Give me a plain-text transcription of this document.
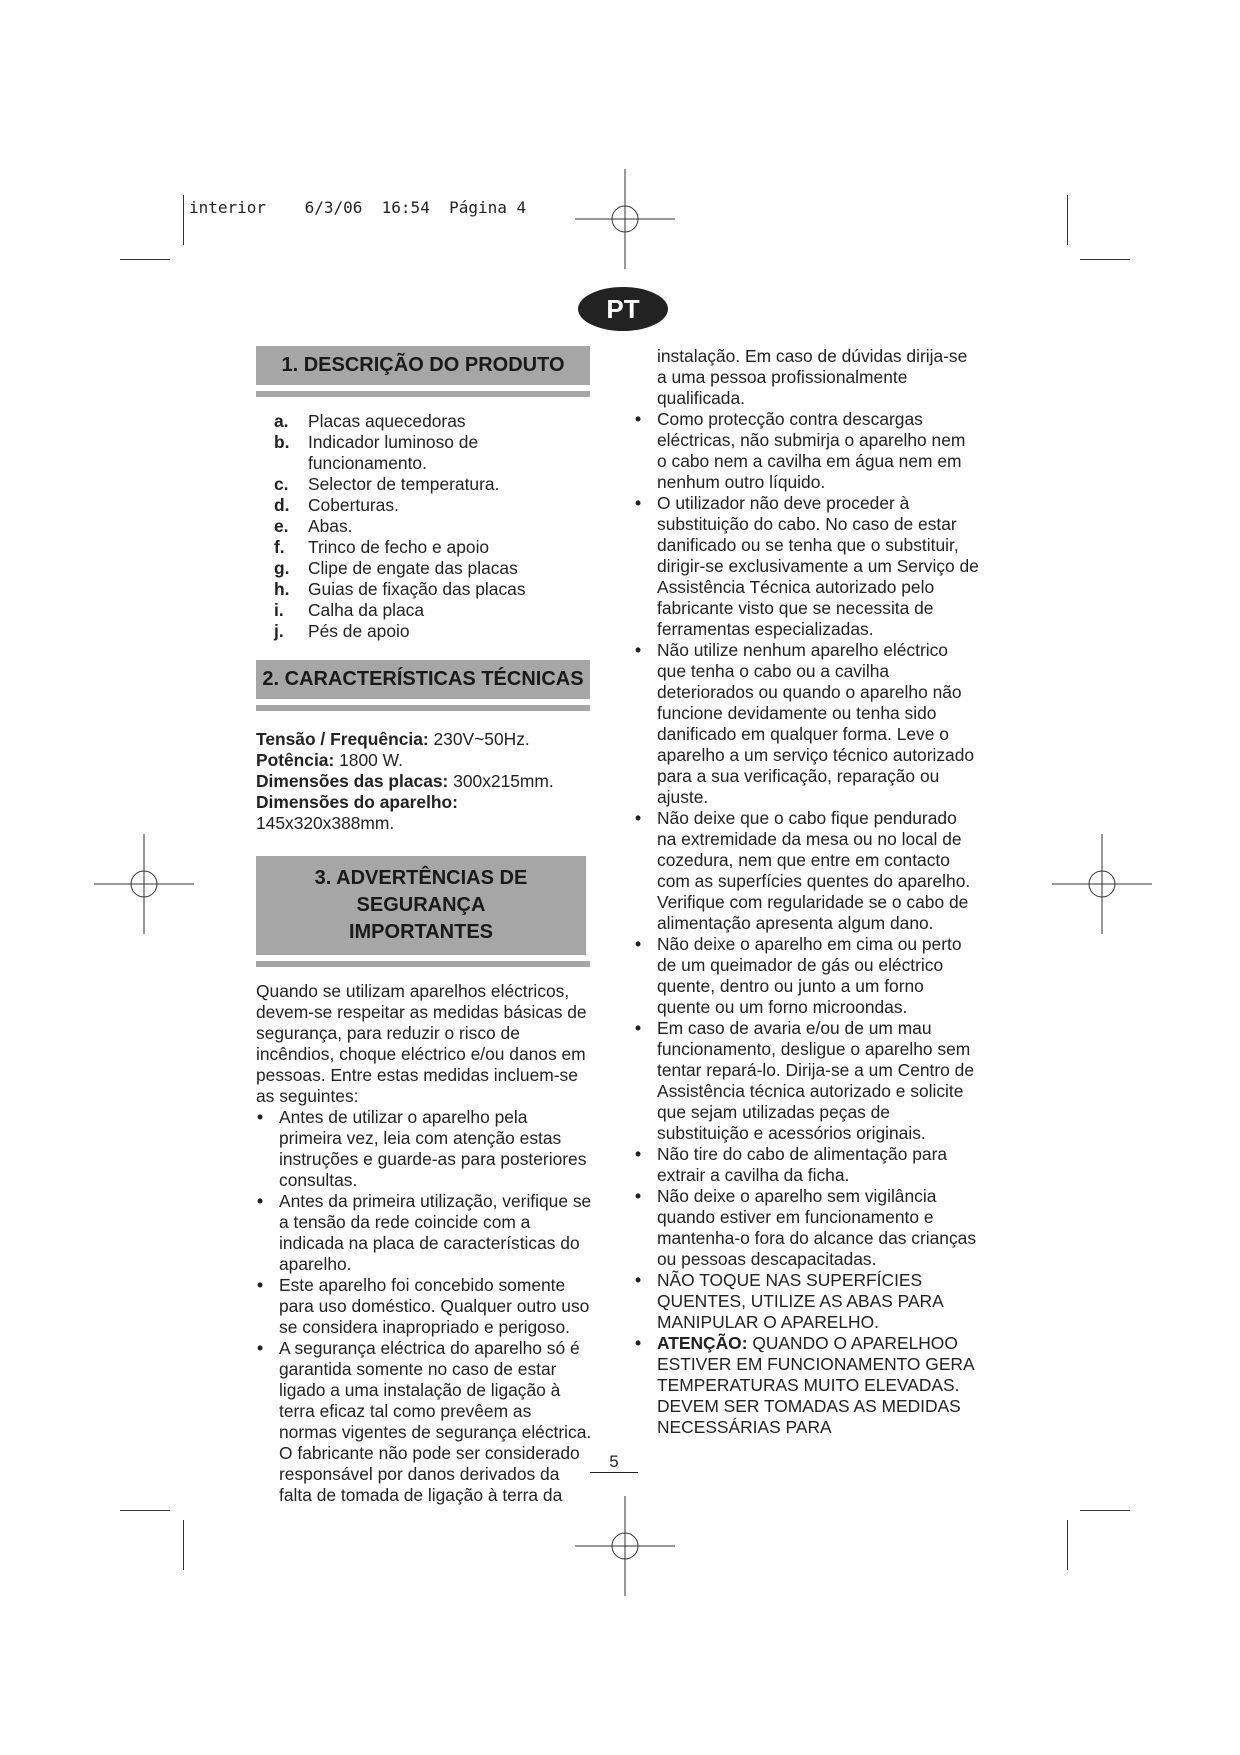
interior    6/3/06  16:54  Página 4
PT
1. DESCRIÇÃO DO PRODUTO
a.	Placas aquecedoras
b.	Indicador luminoso de funcionamento.
c.	Selector de temperatura.
d.	Coberturas.
e.	Abas.
f.	Trinco de fecho e apoio
g.	Clipe de engate das placas
h.	Guias de fixação das placas
i.	Calha da placa
j.	Pés de apoio
2. CARACTERÍSTICAS TÉCNICAS
Tensão / Frequência: 230V~50Hz.
Potência: 1800 W.
Dimensões das placas: 300x215mm.
Dimensões do aparelho: 145x320x388mm.
3. ADVERTÊNCIAS DE SEGURANÇA
IMPORTANTES
Quando se utilizam aparelhos eléctricos, devem-se respeitar as medidas básicas de segurança, para reduzir o risco de incêndios, choque eléctrico e/ou danos em pessoas. Entre estas medidas incluem-se as seguintes:
• Antes de utilizar o aparelho pela primeira vez, leia com atenção estas instruções e guarde-as para posteriores consultas.
• Antes da primeira utilização, verifique se a tensão da rede coincide com a indicada na placa de características do aparelho.
• Este aparelho foi concebido somente para uso doméstico. Qualquer outro uso se considera inapropriado e perigoso.
• A segurança eléctrica do aparelho só é garantida somente no caso de estar ligado a uma instalação de ligação à terra eficaz tal como prevêem as normas vigentes de segurança eléctrica. O fabricante não pode ser considerado responsável por danos derivados da falta de tomada de ligação à terra da
instalação. Em caso de dúvidas dirija-se a uma pessoa profissionalmente qualificada.
• Como protecção contra descargas eléctricas, não submirja o aparelho nem o cabo nem a cavilha em água nem em nenhum outro líquido.
• O utilizador não deve proceder à substituição do cabo. No caso de estar danificado ou se tenha que o substituir, dirigir-se exclusivamente a um Serviço de Assistência Técnica autorizado pelo fabricante visto que se necessita de ferramentas especializadas.
• Não utilize nenhum aparelho eléctrico que tenha o cabo ou a cavilha deteriorados ou quando o aparelho não funcione devidamente ou tenha sido danificado em qualquer forma. Leve o aparelho a um serviço técnico autorizado para a sua verificação, reparação ou ajuste.
• Não deixe que o cabo fique pendurado na extremidade da mesa ou no local de cozedura, nem que entre em contacto com as superfícies quentes do aparelho. Verifique com regularidade se o cabo de alimentação apresenta algum dano.
• Não deixe o aparelho em cima ou perto de um queimador de gás ou eléctrico quente, dentro ou junto a um forno quente ou um forno microondas.
• Em caso de avaria e/ou de um mau funcionamento, desligue o aparelho sem tentar repará-lo. Dirija-se a um Centro de Assistência técnica autorizado e solicite que sejam utilizadas peças de substituição e acessórios originais.
• Não tire do cabo de alimentação para extrair a cavilha da ficha.
• Não deixe o aparelho sem vigilância quando estiver em funcionamento e mantenha-o fora do alcance das crianças ou pessoas descapacitadas.
• NÃO TOQUE NAS SUPERFÍCIES QUENTES, UTILIZE AS ABAS PARA MANIPULAR O APARELHO.
• ATENÇÃO: QUANDO O APARELHOO ESTIVER EM FUNCIONAMENTO GERA TEMPERATURAS MUITO ELEVADAS. DEVEM SER TOMADAS AS MEDIDAS NECESSÁRIAS PARA
5
